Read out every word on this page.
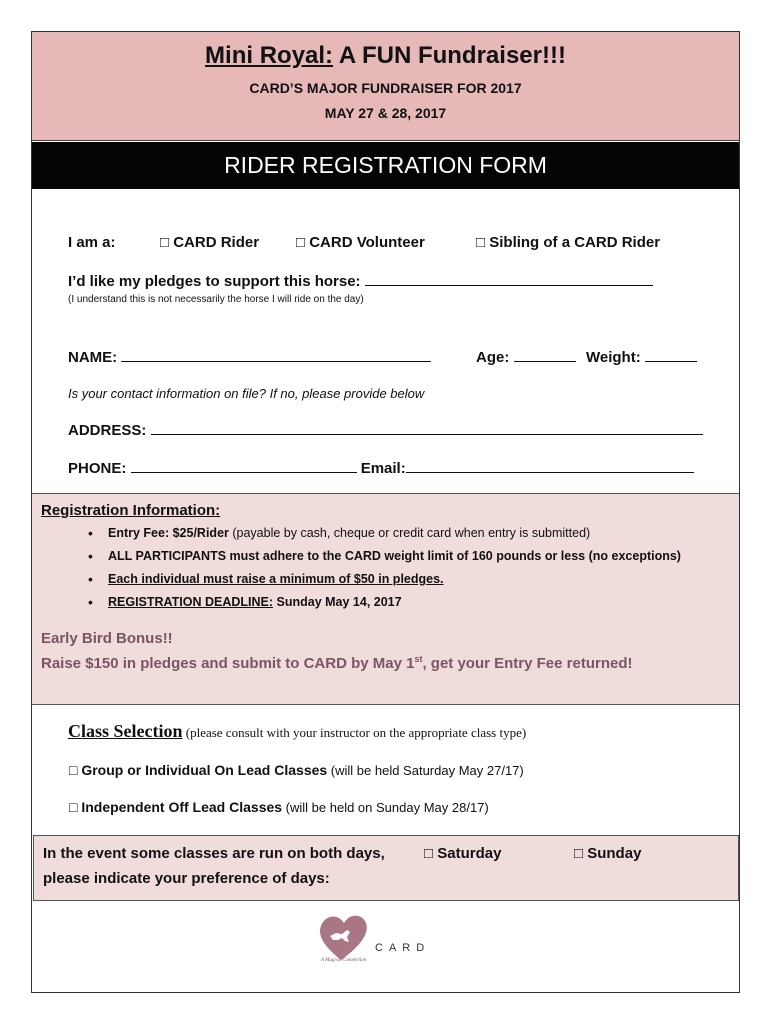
Mini Royal: A FUN Fundraiser!!!
CARD’S MAJOR FUNDRAISER FOR 2017
MAY 27 & 28, 2017
RIDER REGISTRATION FORM
I am a:	□ CARD Rider □ CARD Volunteer	□ Sibling of a CARD Rider
I’d like my pledges to support this horse:
(I understand this is not necessarily the horse I will ride on the day)
NAME:	Age:	Weight:
Is your contact information on file? If no, please provide below
ADDRESS:
PHONE:	Email:
Registration Information:
• Entry Fee: $25/Rider (payable by cash, cheque or credit card when entry is submitted)
• ALL PARTICIPANTS must adhere to the CARD weight limit of 160 pounds or less (no exceptions)
• Each individual must raise a minimum of $50 in pledges.
• REGISTRATION DEADLINE: Sunday May 14, 2017
Early Bird Bonus!!
Raise $150 in pledges and submit to CARD by May 1st, get your Entry Fee returned!
Class Selection (please consult with your instructor on the appropriate class type)
□ Group or Individual On Lead Classes (will be held Saturday May 27/17)
□ Independent Off Lead Classes (will be held on Sunday May 28/17)
In the event some classes are run on both days,
please indicate your preference of days:
□ Saturday	□ Sunday
CARD
A Magical Connection
